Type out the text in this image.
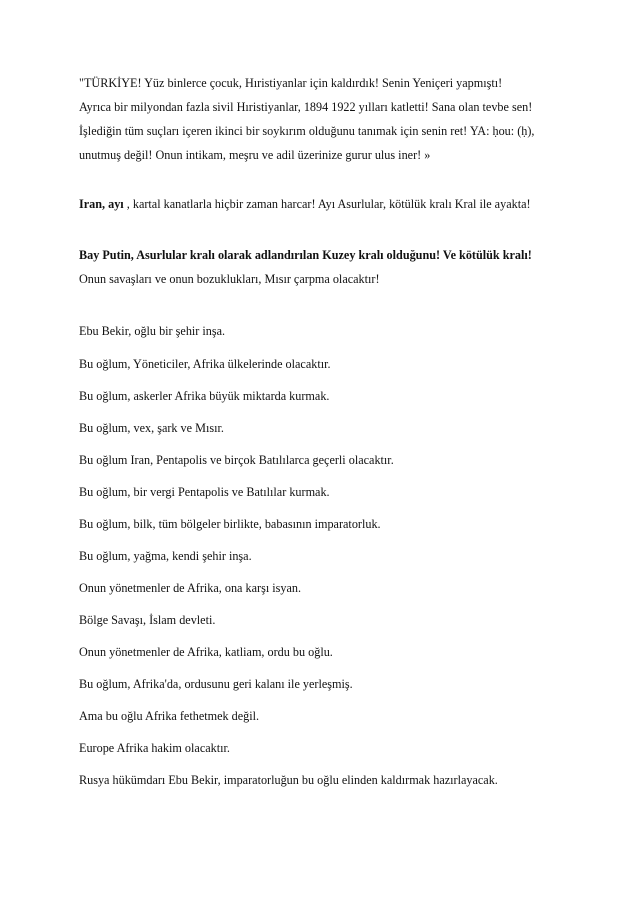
"TÜRKİYE! Yüz binlerce çocuk, Hıristiyanlar için kaldırdık! Senin Yeniçeri yapmıştı!
Ayrıca bir milyondan fazla sivil Hıristiyanlar, 1894 1922 yılları katletti! Sana olan tevbe sen!
İşlediğin tüm suçları içeren ikinci bir soykırım olduğunu tanımak için senin ret! YA: ḥou: (ḥ),
unutmuş değil! Onun intikam, meşru ve adil üzerinize gurur ulus iner! »
Iran, ayı , kartal kanatlarla hiçbir zaman harcar! Ayı Asurlular, kötülük kralı Kral ile ayakta!
Bay Putin, Asurlular kralı olarak adlandırılan Kuzey kralı olduğunu! Ve kötülük kralı!
Onun savaşları ve onun bozuklukları, Mısır çarpma olacaktır!
Ebu Bekir, oğlu bir şehir inşa.
Bu oğlum, Yöneticiler, Afrika ülkelerinde olacaktır.
Bu oğlum, askerler Afrika büyük miktarda kurmak.
Bu oğlum, vex, şark ve Mısır.
Bu oğlum Iran, Pentapolis ve birçok Batılılarca geçerli olacaktır.
Bu oğlum, bir vergi Pentapolis ve Batılılar kurmak.
Bu oğlum, bilk, tüm bölgeler birlikte, babasının imparatorluk.
Bu oğlum, yağma, kendi şehir inşa.
Onun yönetmenler de Afrika, ona karşı isyan.
Bölge Savaşı, İslam devleti.
Onun yönetmenler de Afrika, katliam, ordu bu oğlu.
Bu oğlum, Afrika'da, ordusunu geri kalanı ile yerleşmiş.
Ama bu oğlu Afrika fethetmek değil.
Europe Afrika hakim olacaktır.
Rusya hükümdarı Ebu Bekir, imparatorluğun bu oğlu elinden kaldırmak hazırlayacak.
